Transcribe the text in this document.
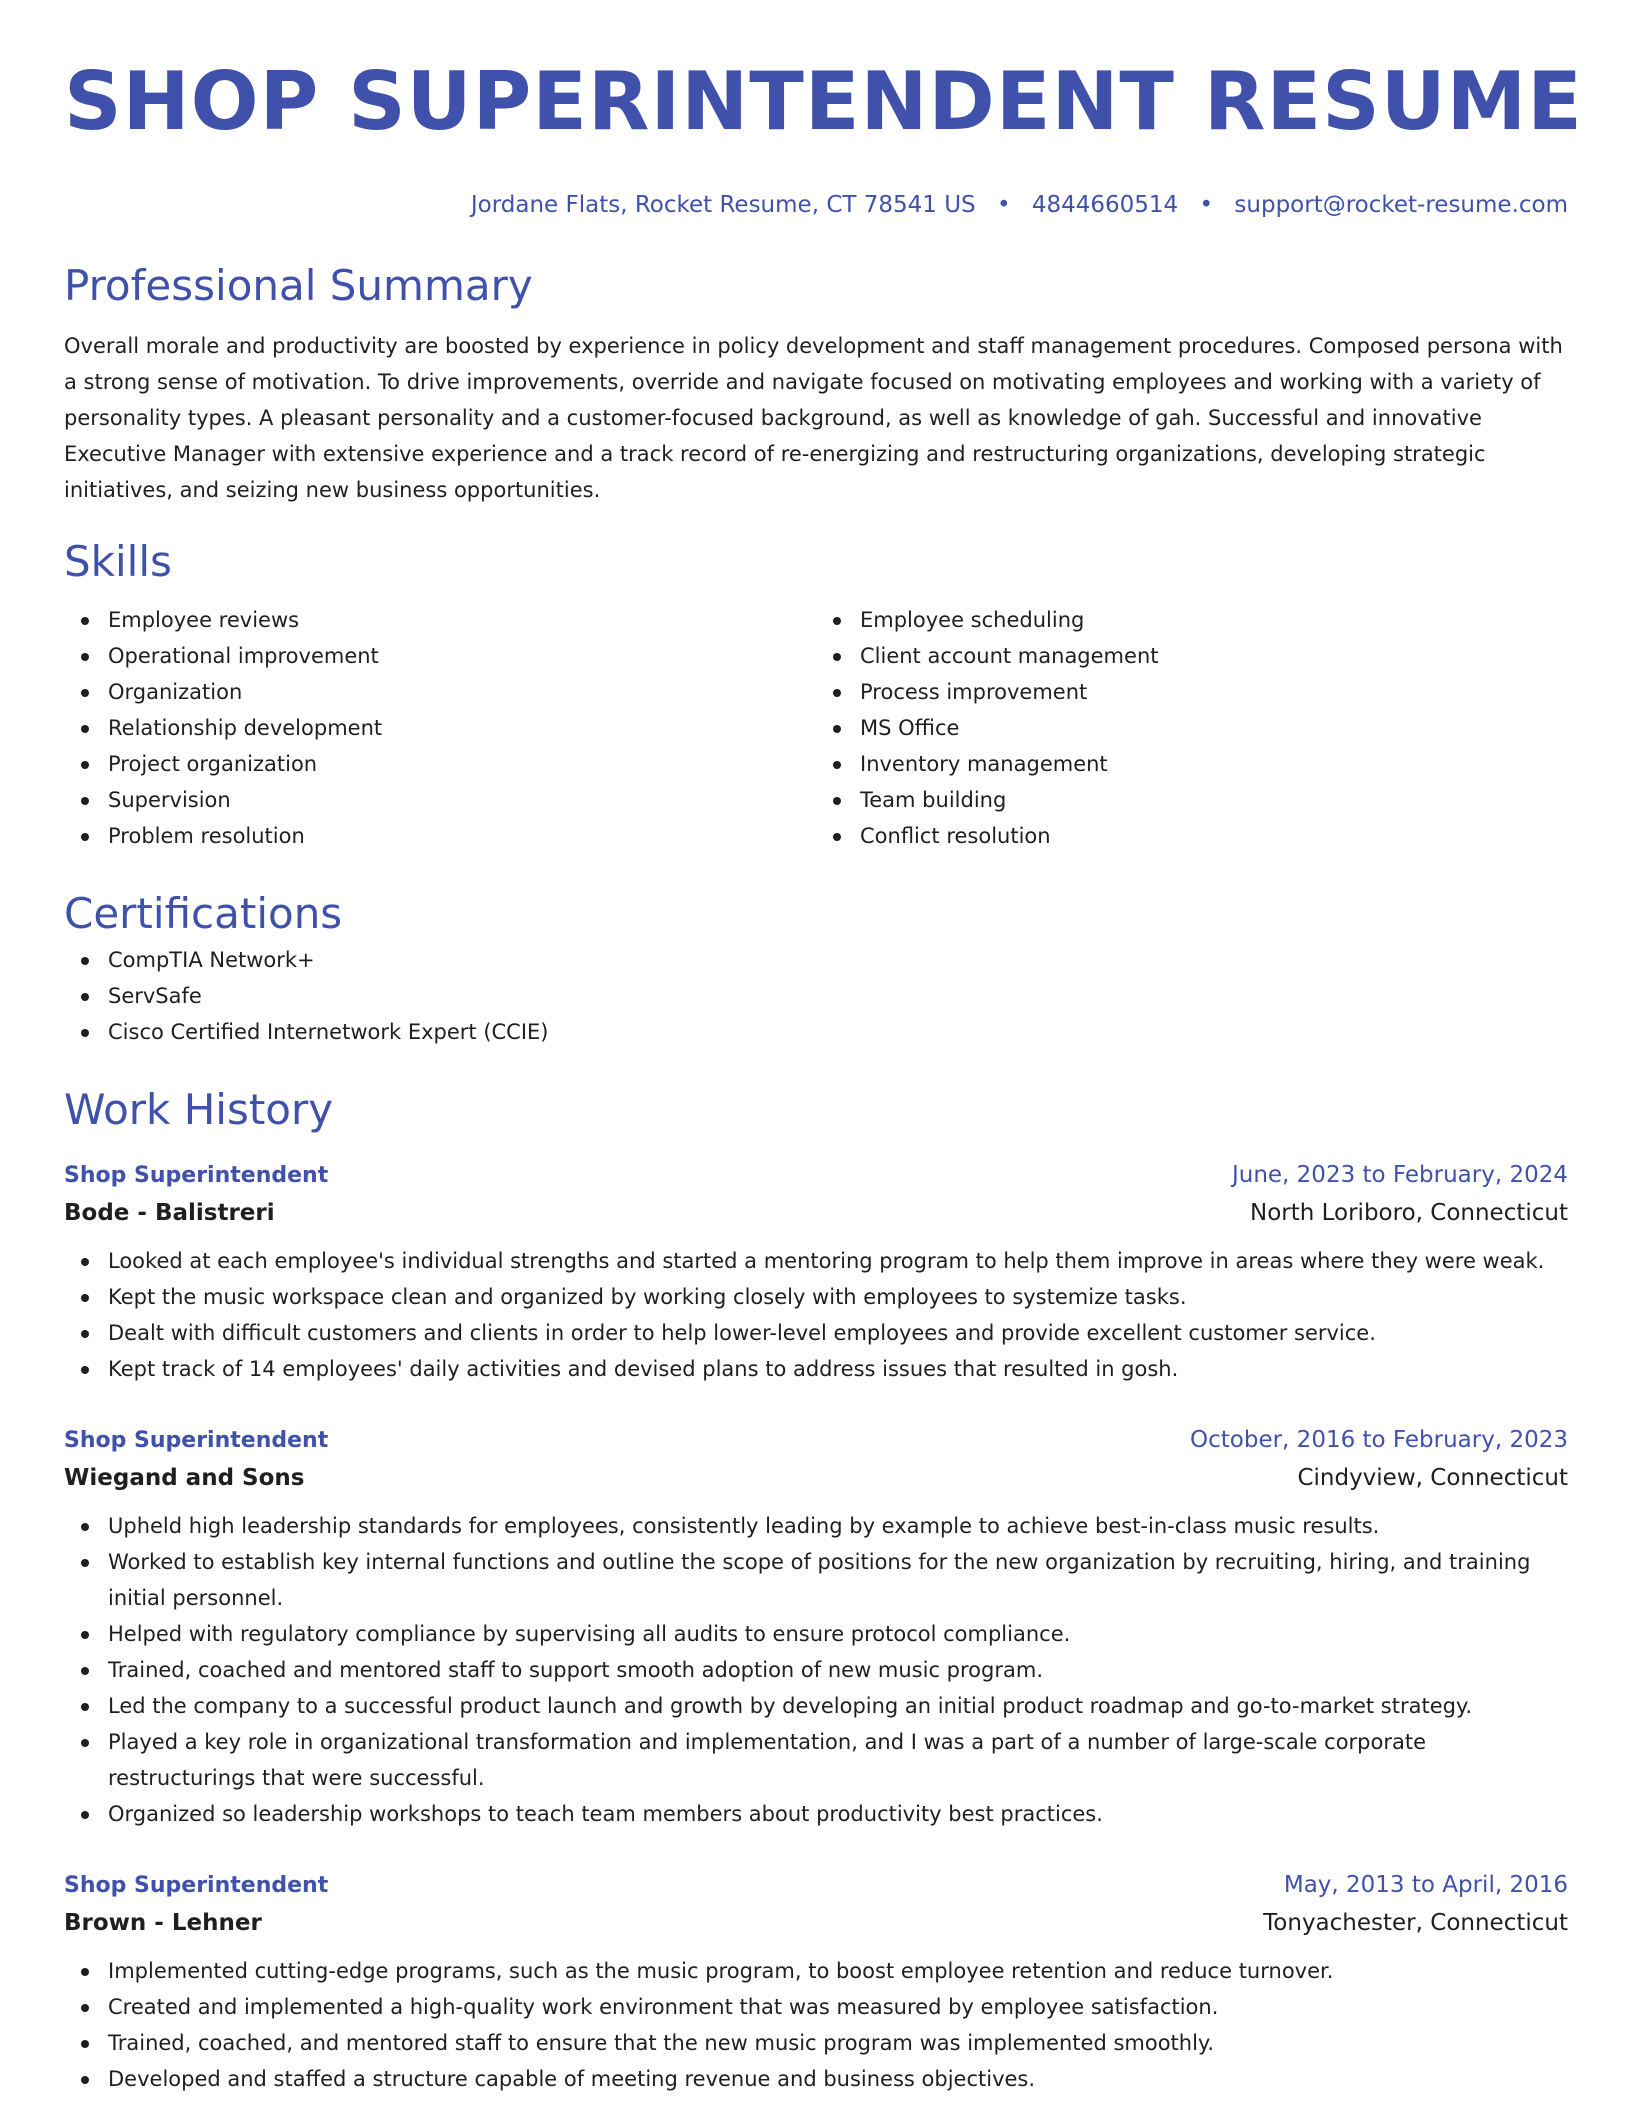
SHOP SUPERINTENDENT RESUME
Jordane Flats, Rocket Resume, CT 78541 US • 4844660514 • support@rocket-resume.com
Professional Summary
Overall morale and productivity are boosted by experience in policy development and staff management procedures. Composed persona with a strong sense of motivation. To drive improvements, override and navigate focused on motivating employees and working with a variety of personality types. A pleasant personality and a customer-focused background, as well as knowledge of gah. Successful and innovative Executive Manager with extensive experience and a track record of re-energizing and restructuring organizations, developing strategic initiatives, and seizing new business opportunities.
Skills
Employee reviews
Operational improvement
Organization
Relationship development
Project organization
Supervision
Problem resolution
Employee scheduling
Client account management
Process improvement
MS Office
Inventory management
Team building
Conflict resolution
Certifications
CompTIA Network+
ServSafe
Cisco Certified Internetwork Expert (CCIE)
Work History
Shop Superintendent	June, 2023 to February, 2024
Bode - Balistreri	North Loriboro, Connecticut
Looked at each employee's individual strengths and started a mentoring program to help them improve in areas where they were weak.
Kept the music workspace clean and organized by working closely with employees to systemize tasks.
Dealt with difficult customers and clients in order to help lower-level employees and provide excellent customer service.
Kept track of 14 employees' daily activities and devised plans to address issues that resulted in gosh.
Shop Superintendent	October, 2016 to February, 2023
Wiegand and Sons	Cindyview, Connecticut
Upheld high leadership standards for employees, consistently leading by example to achieve best-in-class music results.
Worked to establish key internal functions and outline the scope of positions for the new organization by recruiting, hiring, and training initial personnel.
Helped with regulatory compliance by supervising all audits to ensure protocol compliance.
Trained, coached and mentored staff to support smooth adoption of new music program.
Led the company to a successful product launch and growth by developing an initial product roadmap and go-to-market strategy.
Played a key role in organizational transformation and implementation, and I was a part of a number of large-scale corporate restructurings that were successful.
Organized so leadership workshops to teach team members about productivity best practices.
Shop Superintendent	May, 2013 to April, 2016
Brown - Lehner	Tonyachester, Connecticut
Implemented cutting-edge programs, such as the music program, to boost employee retention and reduce turnover.
Created and implemented a high-quality work environment that was measured by employee satisfaction.
Trained, coached, and mentored staff to ensure that the new music program was implemented smoothly.
Developed and staffed a structure capable of meeting revenue and business objectives.
